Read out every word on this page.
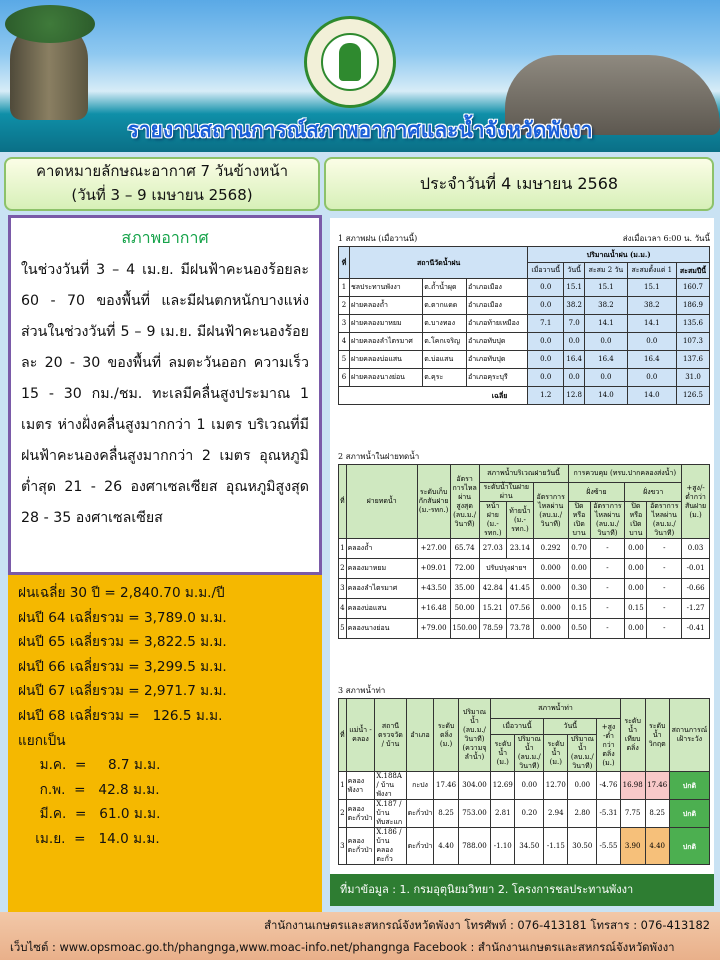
รายงานสถานการณ์สภาพอากาศและน้ำจังหวัดพังงา
คาดหมายลักษณะอากาศ 7 วันข้างหน้า
(วันที่ 3 – 9 เมษายน 2568)
ประจำวันที่ 4 เมษายน 2568
สภาพอากาศ
ในช่วงวันที่ 3 – 4 เม.ย. มีฝนฟ้าคะนองร้อยละ 60 - 70 ของพื้นที่ และมีฝนตกหนักบางแห่ง ส่วนในช่วงวันที่ 5 – 9 เม.ย. มีฝนฟ้าคะนองร้อยละ 20 - 30 ของพื้นที่ ลมตะวันออก ความเร็ว 15 - 30 กม./ชม. ทะเลมีคลื่นสูงประมาณ 1 เมตร ห่างฝั่งคลื่นสูงมากกว่า 1 เมตร บริเวณที่มีฝนฟ้าคะนองคลื่นสูงมากกว่า 2 เมตร อุณหภูมิต่ำสุด 21 - 26 องศาเซลเซียส อุณหภูมิสูงสุด 28 - 35 องศาเซลเซียส
ฝนเฉลี่ย 30 ปี = 2,840.70 ม.ม./ปี
ฝนปี 64 เฉลี่ยรวม = 3,789.0 ม.ม.
ฝนปี 65 เฉลี่ยรวม = 3,822.5 ม.ม.
ฝนปี 66 เฉลี่ยรวม = 3,299.5 ม.ม.
ฝนปี 67 เฉลี่ยรวม = 2,971.7 ม.ม.
ฝนปี 68 เฉลี่ยรวม =   126.5 ม.ม.
แยกเป็น
ม.ค.  =     8.7 ม.ม.
ก.พ.  =   42.8 ม.ม.
มี.ค.  =   61.0 ม.ม.
เม.ย.  =   14.0 ม.ม.
1 สภาพฝน (เมื่อวานนี้)	ส่งเมื่อเวลา 6:00 น. วันนี้
ที่	สถานีวัดน้ำฝน			ปริมาณน้ำฝน (ม.ม.)				
				เมื่อวานนี้	วันนี้	สะสม 2 วัน	สะสมตั้งแต่ 1	สะสมปีนี้
1	ชลประทานพังงา	ต.ถ้ำน้ำผุด	อำเภอเมือง	0.0	15.1	15.1	15.1	160.7
2	ฝายคลองถ้ำ	ต.ตากแดด	อำเภอเมือง	0.0	38.2	38.2	38.2	186.9
3	ฝายคลองมาหยม	ต.บางทอง	อำเภอท้ายเหมือง	7.1	7.0	14.1	14.1	135.6
4	ฝายคลองลำไตรมาศ	ต.โคกเจริญ	อำเภอทับปุด	0.0	0.0	0.0	0.0	107.3
5	ฝายคลองบ่อแสน	ต.บ่อแสน	อำเภอทับปุด	0.0	16.4	16.4	16.4	137.6
6	ฝายคลองนางย่อน	ต.คุระ	อำเภอคุระบุรี	0.0	0.0	0.0	0.0	31.0
เฉลี่ย				1.2	12.8	14.0	14.0	126.5
2 สภาพน้ำในฝายทดน้ำ
ที่	ฝายทดน้ำ	ระดับเก็บกักสันฝาย (ม.-รทก.)	อัตราการไหลผ่านสูงสุด (ลบ.ม./วินาที)	สภาพน้ำบริเวณฝายวันนี้			การควบคุม (ทรบ.ปากคลองส่งน้ำ)				+สูง/-ต่ำกว่าสันฝาย (ม.)
				ระดับน้ำในฝายผ่าน		อัตราการไหลผ่าน (ลบ.ม./วินาที)	ฝั่งซ้าย		ฝั่งขวา		
				หน้าฝาย (ม.-รทก.)	ท้ายน้ำ (ม.-รทก.)		ปิดหรือเปิดบาน	อัตราการไหลผ่าน (ลบ.ม./วินาที)	ปิดหรือเปิดบาน	อัตราการไหลผ่าน (ลบ.ม./วินาที)	
1	คลองถ้ำ	+27.00	65.74	27.03	23.14	0.292	0.70	-	0.00	-	0.03
2	คลองมาหยม	+09.01	72.00	ปรับปรุงฝายฯ		0.000	0.00	-	0.00	-	-0.01
3	คลองลำไตรมาศ	+43.50	35.00	42.84	41.45	0.000	0.30	-	0.00	-	-0.66
4	คลองบ่อแสน	+16.48	50.00	15.21	07.56	0.000	0.15	-	0.15	-	-1.27
5	คลองนางย่อน	+79.00	150.00	78.59	73.78	0.000	0.50	-	0.00	-	-0.41
3 สภาพน้ำท่า
ที่	แม่น้ำ - คลอง	สถานีตรวจวัด / บ้าน	อำเภอ	ระดับตลิ่ง (ม.)	ปริมาณน้ำ (ลบ.ม./วินาที) (ความจุลำน้ำ)	สภาพน้ำท่า					ระดับน้ำ เทียบตลิ่ง	ระดับน้ำ วิกฤต	สถานการณ์ เฝ้าระวัง
						เมื่อวานนี้		วันนี้		+สูง -ต่ำกว่าตลิ่ง (ม.)			
						ระดับน้ำ (ม.)	ปริมาณน้ำ (ลบ.ม./วินาที)	ระดับน้ำ (ม.)	ปริมาณน้ำ (ลบ.ม./วินาที)				
1	คลองพังงา	X.188A / บ้านพังงา	กะปง	17.46	304.00	12.69	0.00	12.70	0.00	-4.76	16.98	17.46	ปกติ
2	คลองตะกั่วป่า	X.187 / บ้านทับสะแก	ตะกั่วป่า	8.25	753.00	2.81	0.20	2.94	2.80	-5.31	7.75	8.25	ปกติ
3	คลองตะกั่วป่า	X.186 / บ้านคลองตะกั่ว	ตะกั่วป่า	4.40	788.00	-1.10	34.50	-1.15	30.50	-5.55	3.90	4.40	ปกติ
ที่มาข้อมูล : 1. กรมอุตุนิยมวิทยา 2. โครงการชลประทานพังงา
สำนักงานเกษตรและสหกรณ์จังหวัดพังงา โทรศัพท์ : 076-413181 โทรสาร : 076-413182
เว็บไซต์ : www.opsmoac.go.th/phangnga,www.moac-info.net/phangnga Facebook : สำนักงานเกษตรและสหกรณ์จังหวัดพังงา
